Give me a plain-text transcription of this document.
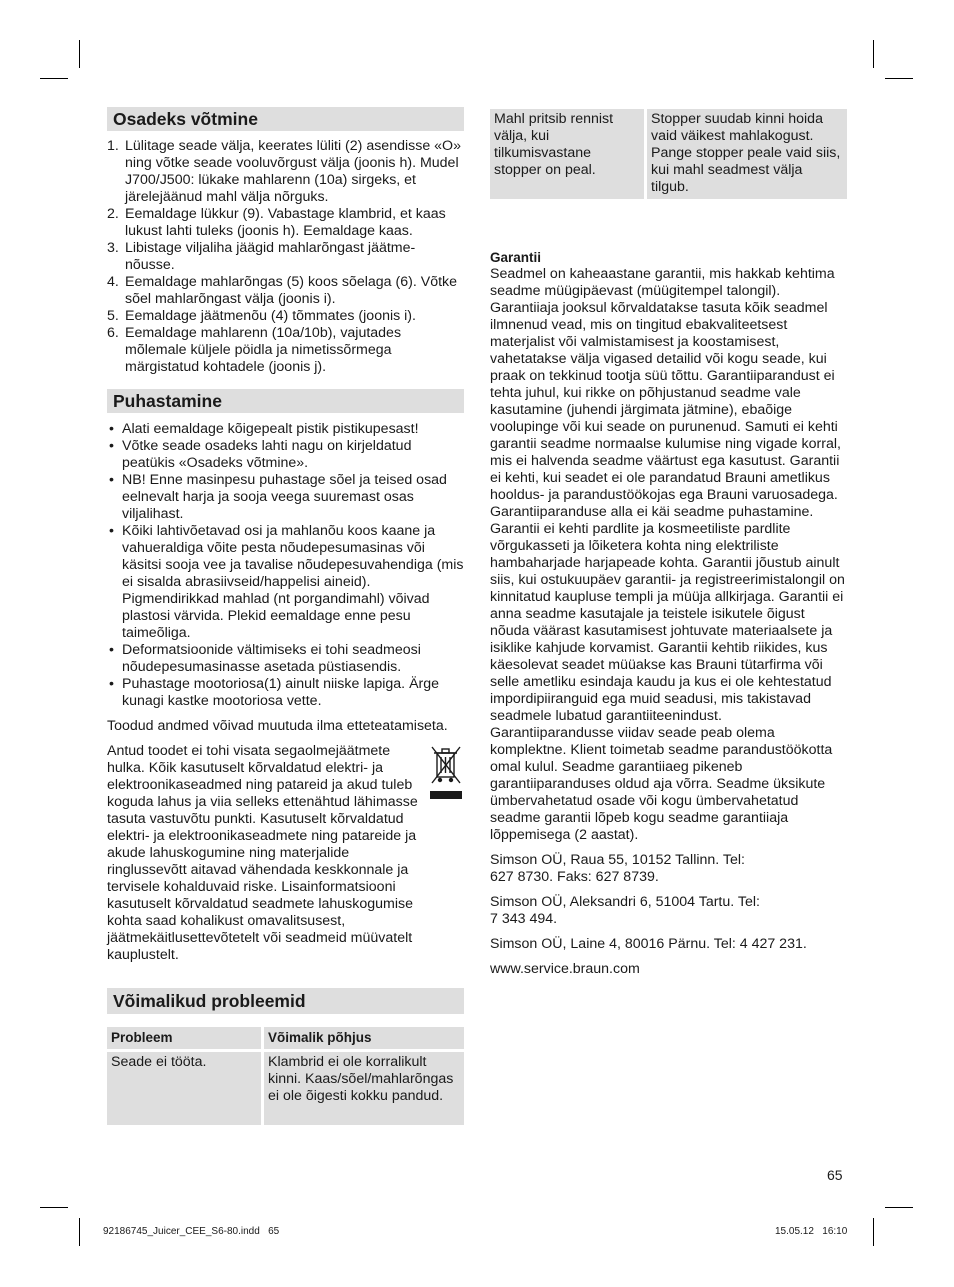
Osadeks võtmine
1. Lülitage seade välja, keerates lüliti (2) asendisse «O» ning võtke seade vooluvõrgust välja (joonis h). Mudel J700/J500: lükake mahlarenn (10a) sirgeks, et järelejäänud mahl välja nõrguks.
2. Eemaldage lükkur (9). Vabastage klambrid, et kaas lukust lahti tuleks (joonis h). Eemaldage kaas.
3. Libistage viljaliha jäägid mahlarõngast jäätme-nõusse.
4. Eemaldage mahlarõngas (5) koos sõelaga (6). Võtke sõel mahlarõngast välja (joonis i).
5. Eemaldage jäätmenõu (4) tõmmates (joonis i).
6. Eemaldage mahlarenn (10a/10b), vajutades mõlemale küljele pöidla ja nimetissõrmega märgistatud kohtadele (joonis j).
Puhastamine
• Alati eemaldage kõigepealt pistik pistikupesast!
• Võtke seade osadeks lahti nagu on kirjeldatud peatükis «Osadeks võtmine».
• NB! Enne masinpesu puhastage sõel ja teised osad eelnevalt harja ja sooja veega suuremast osas viljalihast.
• Kõiki lahtivõetavad osi ja mahlanõu koos kaane ja vahueraldiga võite pesta nõudepesumasinas või käsitsi sooja vee ja tavalise nõudepesuvahendiga (mis ei sisalda abrasiivseid/happelisi aineid). Pigmendirikkad mahlad (nt porgandimahl) võivad plastosi värvida. Plekid eemaldage enne pesu taimeõliga.
• Deformatsioonide vältimiseks ei tohi seadmeosi nõudepesumasinasse asetada püstiasendis.
• Puhastage mootoriosa(1) ainult niiske lapiga. Ärge kunagi kastke mootoriosa vette.

Toodud andmed võivad muutuda ilma etteteatamiseta.

Antud toodet ei tohi visata segaolmejäätmete hulka. Kõik kasutuselt kõrvaldatud elektri- ja elektroonikaseadmed ning patareid ja akud tuleb koguda lahus ja viia selleks ettenähtud lähimasse tasuta vastuvõtu punkti. Kasutuselt kõrvaldatud elektri- ja elektroonikaseadmete ning patareide ja akude lahuskogumine ning materjalide ringlussevõtt aitavad vähendada keskkonnale ja tervisele kohalduvaid riske. Lisainformatsiooni kasutuselt kõrvaldatud seadmete lahuskogumise kohta saad kohalikust omavalitsusest, jäätmekäitlusettevõtetelt või seadmeid müüvatelt kauplustelt.

Võimalikud probleemid
Probleem	Võimalik põhjus
Seade ei tööta.	Klambrid ei ole korralikult kinni. Kaas/sõel/mahlarõngas ei ole õigesti kokku pandud.
Mahl pritsib rennist välja, kui tilkumisvastane stopper on peal.	Stopper suudab kinni hoida vaid väikest mahlakogust. Pange stopper peale vaid siis, kui mahl seadmest välja tilgub.

Garantii

Seadmel on kaheaastane garantii, mis hakkab kehtima seadme müügipäevast (müügitempel talongil). Garantiiaja jooksul kõrvaldatakse tasuta kõik seadmel ilmnenud vead, mis on tingitud ebakvaliteetsest materjalist või valmistamisest ja koostamisest, vahetatakse välja vigased detailid või kogu seade, kui praak on tekkinud tootja süü tõttu. Garantiiparandust ei tehta juhul, kui rikke on põhjustanud seadme vale kasutamine (juhendi järgimata jätmine), ebaõige voolupinge või kui seade on purunenud. Samuti ei kehti garantii seadme normaalse kulumise ning vigade korral, mis ei halvenda seadme väärtust ega kasutust. Garantii ei kehti, kui seadet ei ole parandatud Brauni ametlikus hooldus- ja parandustöökojas ega Brauni varuosadega. Garantiiparanduse alla ei käi seadme puhastamine. Garantii ei kehti pardlite ja kosmeetiliste pardlite võrgukasseti ja lõiketera kohta ning elektriliste hambaharjade harjapeade kohta. Garantii jõustub ainult siis, kui ostukuupäev garantii- ja registreerimistalongil on kinnitatud kaupluse templi ja müüja allkirjaga. Garantii ei anna seadme kasutajale ja teistele isikutele õigust nõuda väärast kasutamisest johtuvate materiaalsete ja isiklike kahjude korvamist. Garantii kehtib riikides, kus käesolevat seadet müüakse kas Brauni tütarfirma või selle ametliku esindaja kaudu ja kus ei ole kehtestatud impordipiiranguid ega muid seadusi, mis takistavad seadmele lubatud garantiiteenindust. Garantiiparandusse viidav seade peab olema komplektne. Klient toimetab seadme parandustöökotta omal kulul. Seadme garantiiaeg pikeneb garantiiparanduses oldud aja võrra. Seadme üksikute ümbervahetatud osade või kogu ümbervahetatud seadme garantii lõpeb kogu seadme garantiiaja lõppemisega (2 aastat).

Simson OÜ, Raua 55, 10152 Tallinn. Tel: 627 8730. Faks: 627 8739.

Simson OÜ, Aleksandri 6, 51004 Tartu. Tel: 7 343 494.

Simson OÜ, Laine 4, 80016 Pärnu. Tel: 4 427 231.

www.service.braun.com

65
92186745_Juicer_CEE_S6-80.indd   65	15.05.12   16:10
